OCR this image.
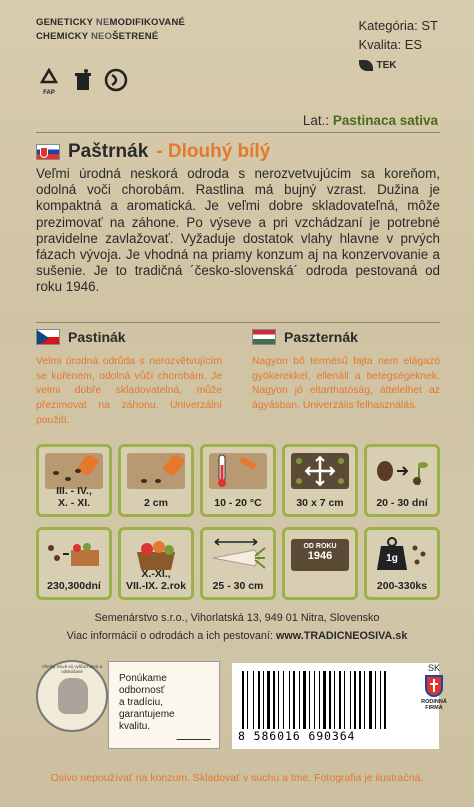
GENETICKY NEMODIFIKOVANÉ
CHEMICKY NEOŠETRENÉ
Kategória: ST
Kvalita: ES
TEK
FAP
Lat.: Pastinaca sativa
Paštrnák - Dlouhý bílý
Veľmi úrodná neskorá odroda s nerozvetvujúcim sa koreňom, odolná voči chorobám. Rastlina má bujný vzrast. Dužina je kompaktná a aromatická. Je veľmi dobre skladovateľná, môže prezimovať na záhone. Po výseve a pri vzchádzaní je potrebné pravidelne zavlažovať. Vyžaduje dostatok vlahy hlavne v prvých fázach vývoja. Je vhodná na priamy konzum aj na konzervovanie a sušenie. Je to tradičná ´česko-slovenská´ odroda pestovaná od roku 1946.
Pastinák
Velmi úrodná odrůda s nerozvětvujícím se kořenem, odolná vůči chorobám. Je velmi dobře skladovatelná, může přezimovat na záhonu. Univerzální použití.
Paszternák
Nagyon bő termésű fajta nem elágazó gyökerekkel, ellenáll a betegségeknek. Nagyon jó eltarthatóság, áttelelhet az ágyásban. Univerzális felhasználás.
III. - IV.,
X. - XI.	2 cm	10 - 20 °C	30 x 7 cm	20 - 30 dní
230,300dní
X.-XI.,
VII.-IX. 2.rok	25 - 30 cm
OD ROKU
1946	1g
200-330ks
Semenárstvo s.r.o., Vihorlatská 13, 949 01 Nitra, Slovensko
Viac informácií o odrodách a ich pestovaní: www.TRADICNEOSIVA.sk
Všetky osivá sú vyšľachtené a odskúšané
Ponúkame
odbornosť
a tradíciu,
garantujeme
kvalitu.
8 586016 690364
SK
RODINNÁ
FIRMA
Osivo nepoužívať na konzum. Skladovať v suchu a tme. Fotografia je ilustračná.
